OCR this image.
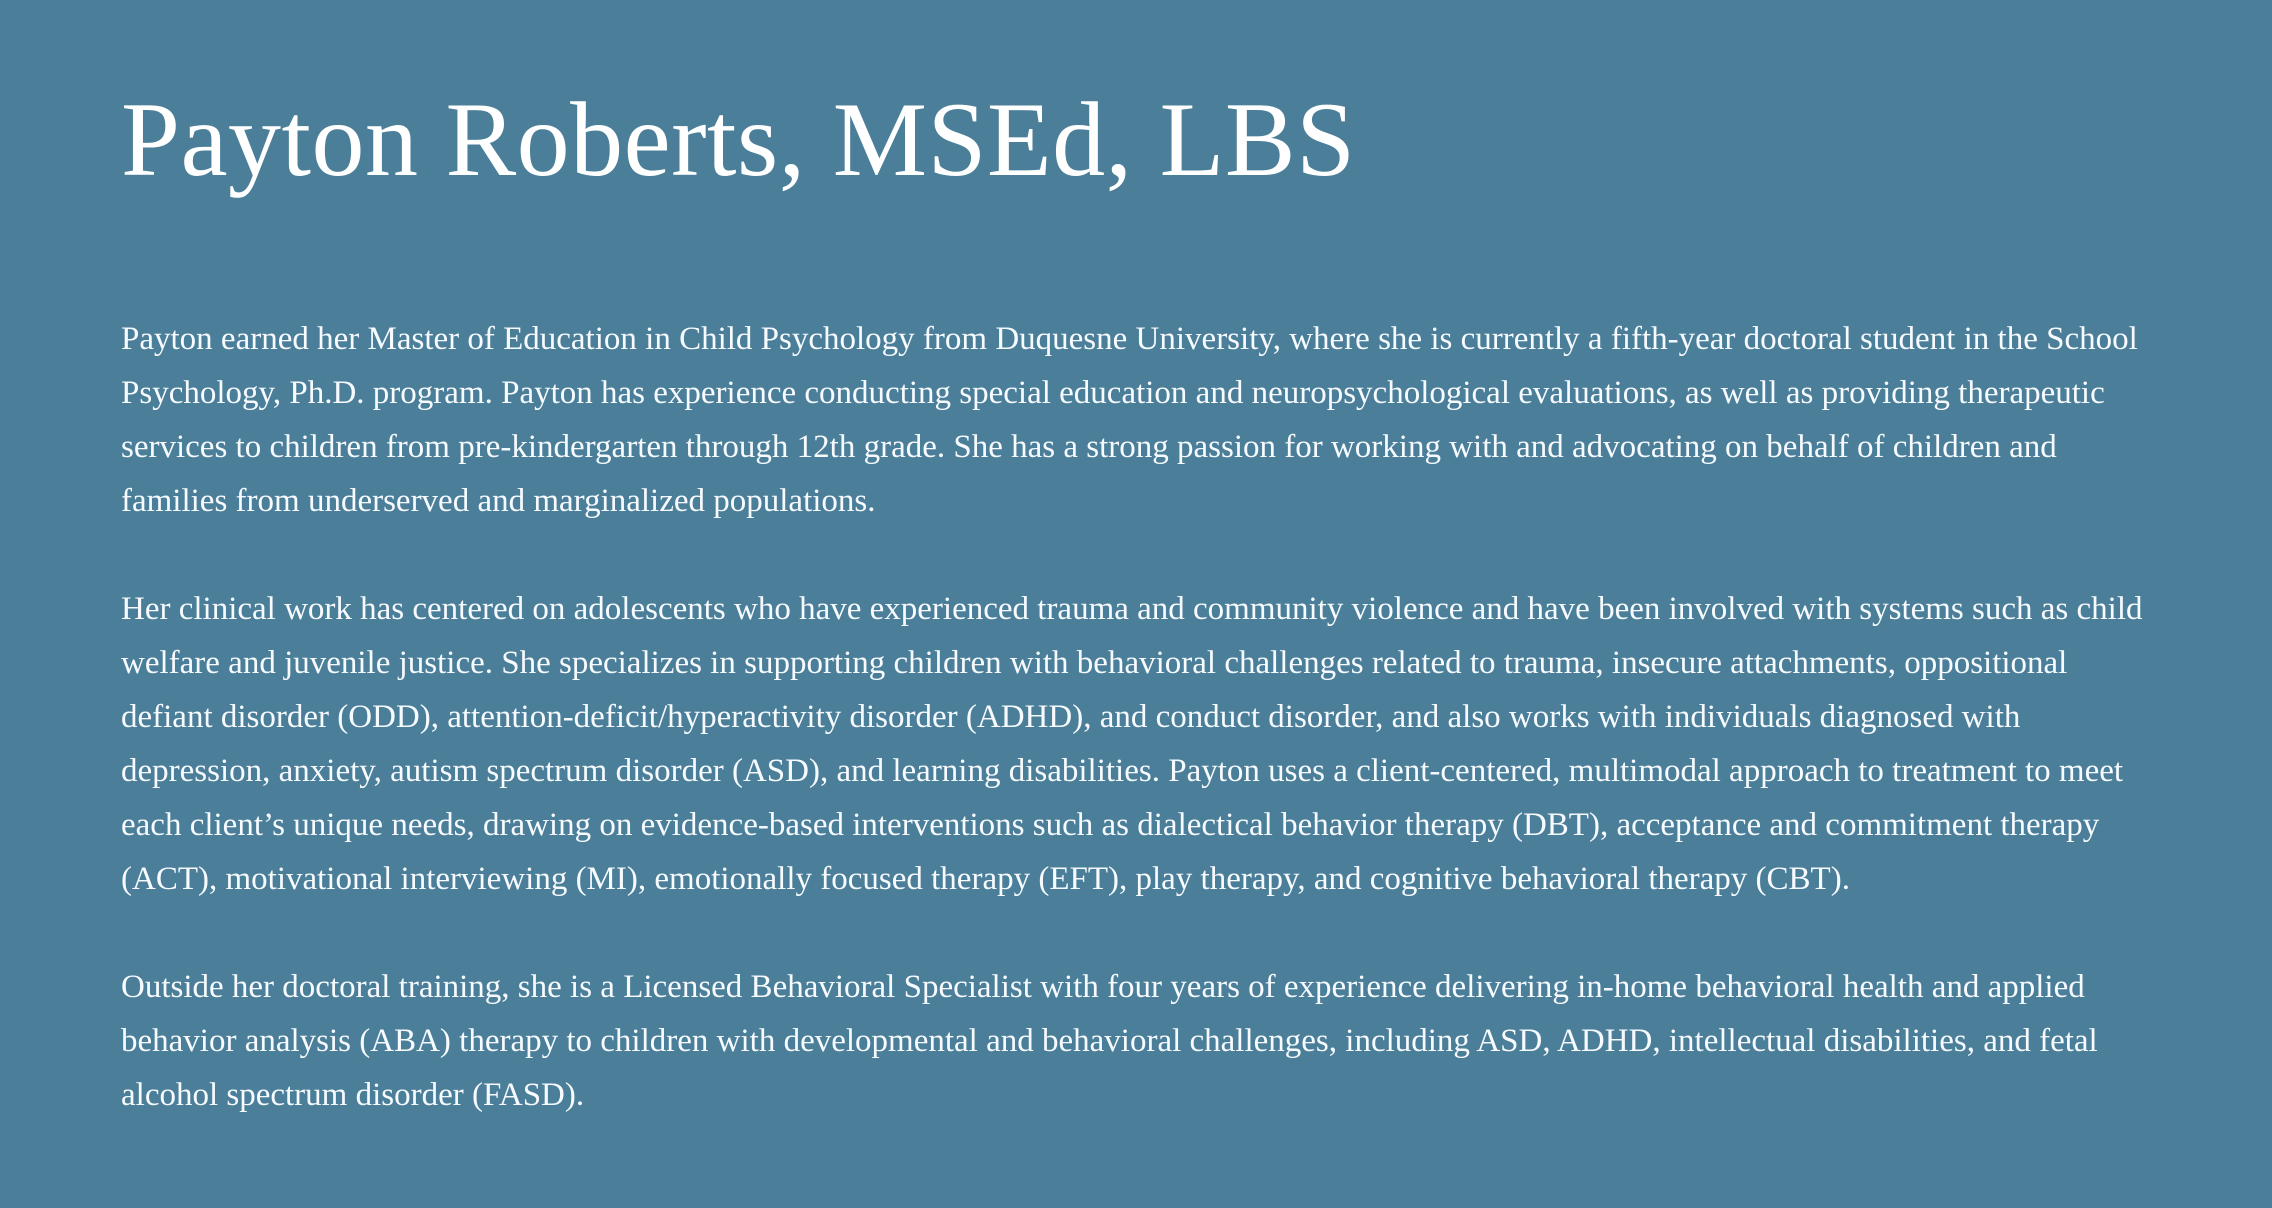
Payton Roberts, MSEd, LBS

Payton earned her Master of Education in Child Psychology from Duquesne University, where she is currently a fifth-year doctoral student in the School Psychology, Ph.D. program. Payton has experience conducting special education and neuropsychological evaluations, as well as providing therapeutic services to children from pre-kindergarten through 12th grade. She has a strong passion for working with and advocating on behalf of children and families from underserved and marginalized populations.

Her clinical work has centered on adolescents who have experienced trauma and community violence and have been involved with systems such as child welfare and juvenile justice. She specializes in supporting children with behavioral challenges related to trauma, insecure attachments, oppositional defiant disorder (ODD), attention-deficit/hyperactivity disorder (ADHD), and conduct disorder, and also works with individuals diagnosed with depression, anxiety, autism spectrum disorder (ASD), and learning disabilities. Payton uses a client-centered, multimodal approach to treatment to meet each client’s unique needs, drawing on evidence-based interventions such as dialectical behavior therapy (DBT), acceptance and commitment therapy (ACT), motivational interviewing (MI), emotionally focused therapy (EFT), play therapy, and cognitive behavioral therapy (CBT).

Outside her doctoral training, she is a Licensed Behavioral Specialist with four years of experience delivering in-home behavioral health and applied behavior analysis (ABA) therapy to children with developmental and behavioral challenges, including ASD, ADHD, intellectual disabilities, and fetal alcohol spectrum disorder (FASD).
